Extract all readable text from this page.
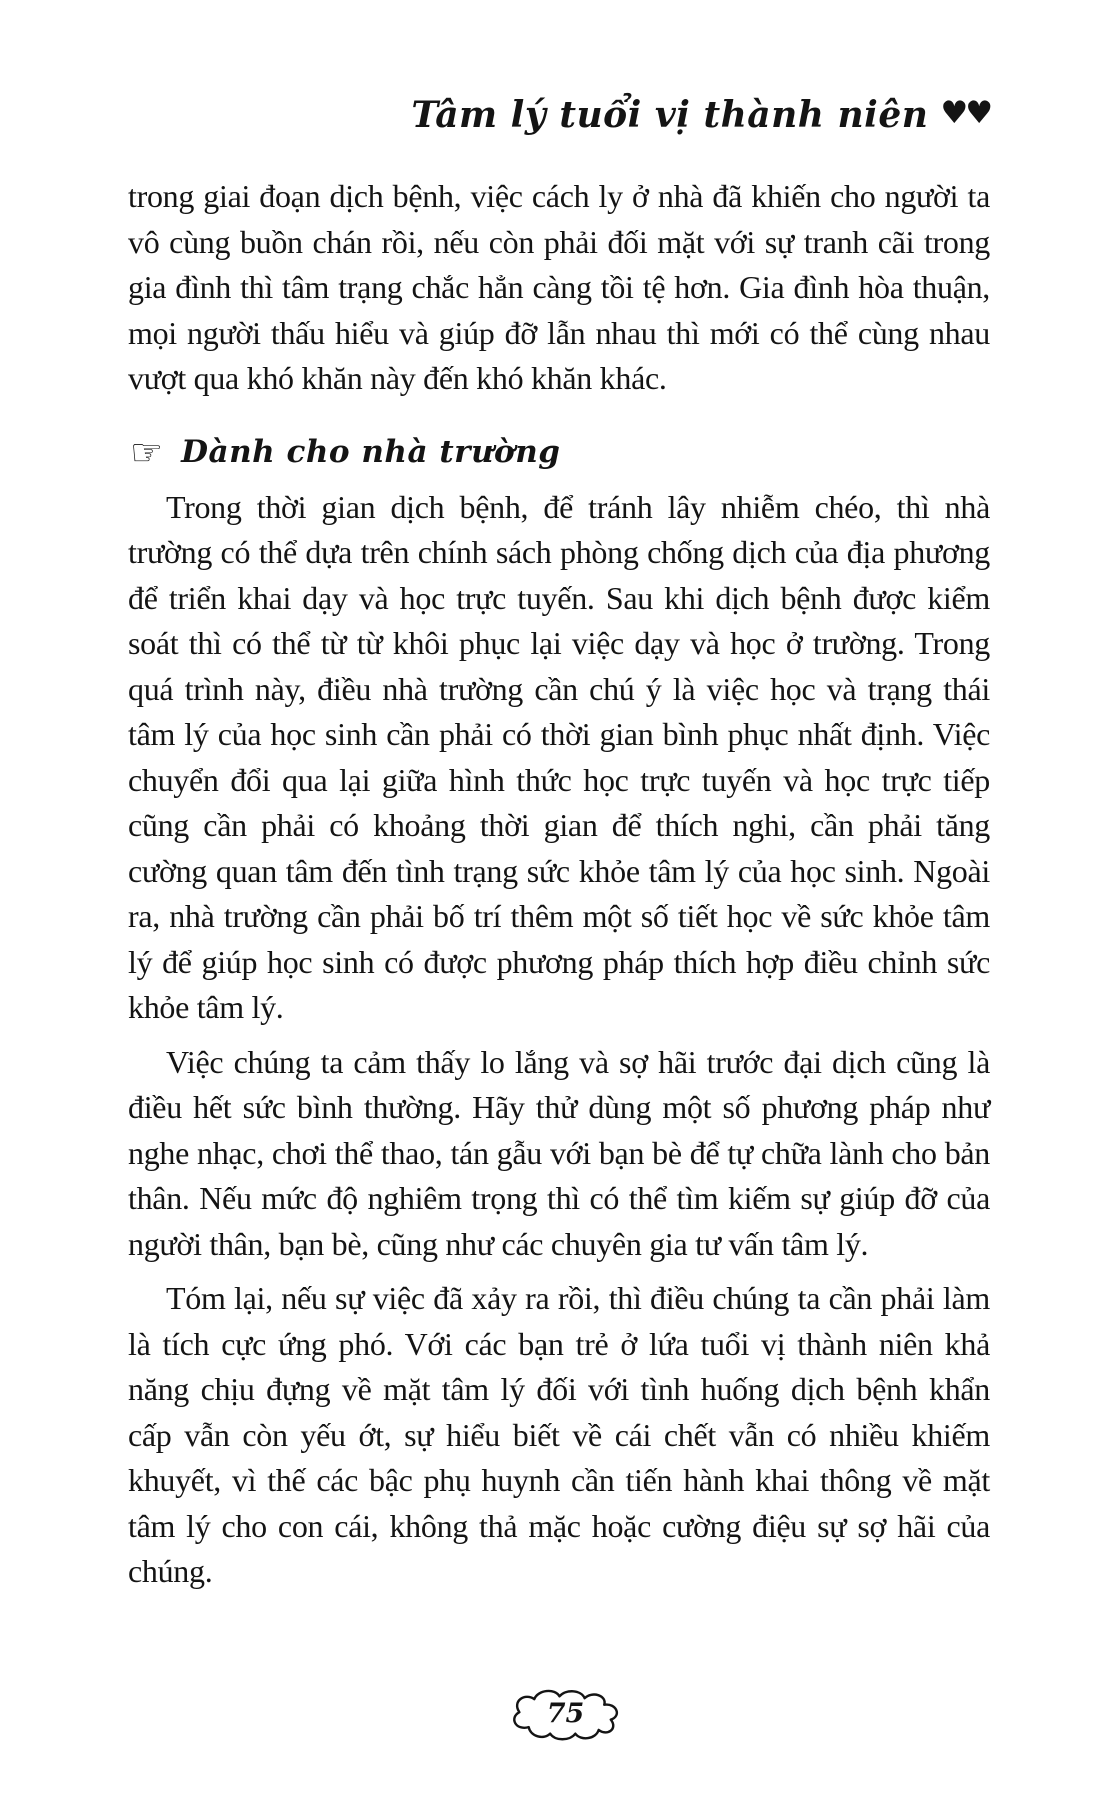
Tâm lý tuổi vị thành niên ♥♥

trong giai đoạn dịch bệnh, việc cách ly ở nhà đã khiến cho người ta vô cùng buồn chán rồi, nếu còn phải đối mặt với sự tranh cãi trong gia đình thì tâm trạng chắc hẳn càng tồi tệ hơn. Gia đình hòa thuận, mọi người thấu hiểu và giúp đỡ lẫn nhau thì mới có thể cùng nhau vượt qua khó khăn này đến khó khăn khác.

☞ Dành cho nhà trường

Trong thời gian dịch bệnh, để tránh lây nhiễm chéo, thì nhà trường có thể dựa trên chính sách phòng chống dịch của địa phương để triển khai dạy và học trực tuyến. Sau khi dịch bệnh được kiểm soát thì có thể từ từ khôi phục lại việc dạy và học ở trường. Trong quá trình này, điều nhà trường cần chú ý là việc học và trạng thái tâm lý của học sinh cần phải có thời gian bình phục nhất định. Việc chuyển đổi qua lại giữa hình thức học trực tuyến và học trực tiếp cũng cần phải có khoảng thời gian để thích nghi, cần phải tăng cường quan tâm đến tình trạng sức khỏe tâm lý của học sinh. Ngoài ra, nhà trường cần phải bố trí thêm một số tiết học về sức khỏe tâm lý để giúp học sinh có được phương pháp thích hợp điều chỉnh sức khỏe tâm lý.

Việc chúng ta cảm thấy lo lắng và sợ hãi trước đại dịch cũng là điều hết sức bình thường. Hãy thử dùng một số phương pháp như nghe nhạc, chơi thể thao, tán gẫu với bạn bè để tự chữa lành cho bản thân. Nếu mức độ nghiêm trọng thì có thể tìm kiếm sự giúp đỡ của người thân, bạn bè, cũng như các chuyên gia tư vấn tâm lý.

Tóm lại, nếu sự việc đã xảy ra rồi, thì điều chúng ta cần phải làm là tích cực ứng phó. Với các bạn trẻ ở lứa tuổi vị thành niên khả năng chịu đựng về mặt tâm lý đối với tình huống dịch bệnh khẩn cấp vẫn còn yếu ớt, sự hiểu biết về cái chết vẫn có nhiều khiếm khuyết, vì thế các bậc phụ huynh cần tiến hành khai thông về mặt tâm lý cho con cái, không thả mặc hoặc cường điệu sự sợ hãi của chúng.

75
